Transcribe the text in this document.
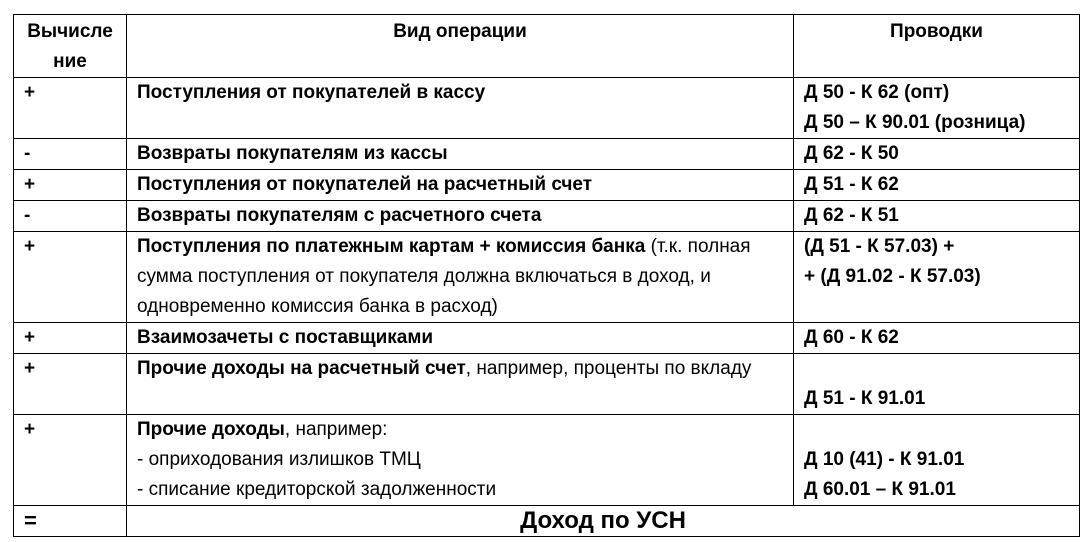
Вычисле ние	Вид операции	Проводки
+	Поступления от покупателей в кассу	Д 50 - К 62 (опт)
Д 50 – К 90.01 (розница)

-	Возвраты покупателям из кассы	Д 62 - К 50

+	Поступления от покупателей на расчетный счет	Д 51 - К 62

-	Возвраты покупателям с расчетного счета	Д 62 - К 51

+	Поступления по платежным картам + комиссия банка (т.к. полная сумма поступления от покупателя должна включаться в доход, и одновременно комиссия банка в расход)	(Д 51 - К 57.03) +
+ (Д 91.02 - К 57.03)

+	Взаимозачеты с поставщиками	Д 60 - К 62

+	Прочие доходы на расчетный счет, например, проценты по вкладу	Д 51 - К 91.01

+	Прочие доходы, например:
- оприходования излишков ТМЦ
- списание кредиторской задолженности	Д 10 (41) - К 91.01
Д 60.01 – К 91.01

=	Доход по УСН	
